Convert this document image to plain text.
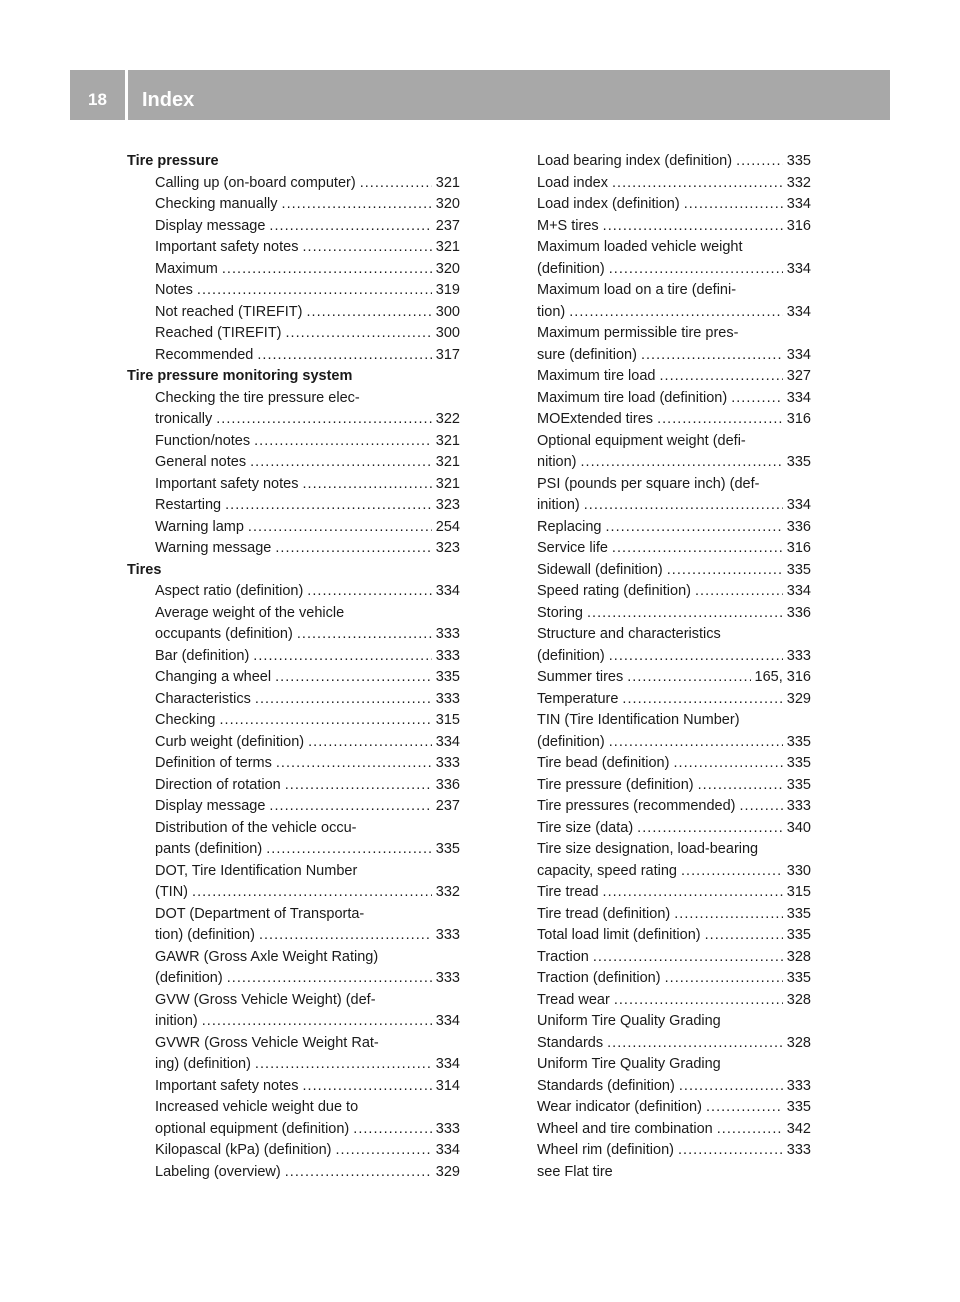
18	Index
Tire pressure
Calling up (on-board computer) . . .	321
Checking manually . . .	320
Display message . . .	237
Important safety notes . . .	321
Maximum . . .	320
Notes . . .	319
Not reached (TIREFIT) . . .	300
Reached (TIREFIT) . . .	300
Recommended . . .	317
Tire pressure monitoring system
Checking the tire pressure elec-
tronically . . .	322
Function/notes . . .	321
General notes . . .	321
Important safety notes . . .	321
Restarting . . .	323
Warning lamp . . .	254
Warning message . . .	323
Tires
Aspect ratio (definition) . . .	334
Average weight of the vehicle
occupants (definition) . . .	333
Bar (definition) . . .	333
Changing a wheel . . .	335
Characteristics . . .	333
Checking . . .	315
Curb weight (definition) . . .	334
Definition of terms . . .	333
Direction of rotation . . .	336
Display message . . .	237
Distribution of the vehicle occu-
pants (definition) . . .	335
DOT, Tire Identification Number
(TIN) . . .	332
DOT (Department of Transporta-
tion) (definition) . . .	333
GAWR (Gross Axle Weight Rating)
(definition) . . .	333
GVW (Gross Vehicle Weight) (def-
inition) . . .	334
GVWR (Gross Vehicle Weight Rat-
ing) (definition) . . .	334
Important safety notes . . .	314
Increased vehicle weight due to
optional equipment (definition) . . .	333
Kilopascal (kPa) (definition) . . .	334
Labeling (overview) . . .	329
Load bearing index (definition) . . .	335
Load index . . .	332
Load index (definition) . . .	334
M+S tires . . .	316
Maximum loaded vehicle weight
(definition) . . .	334
Maximum load on a tire (defini-
tion) . . .	334
Maximum permissible tire pres-
sure (definition) . . .	334
Maximum tire load . . .	327
Maximum tire load (definition) . . .	334
MOExtended tires . . .	316
Optional equipment weight (defi-
nition) . . .	335
PSI (pounds per square inch) (def-
inition) . . .	334
Replacing . . .	336
Service life . . .	316
Sidewall (definition) . . .	335
Speed rating (definition) . . .	334
Storing . . .	336
Structure and characteristics
(definition) . . .	333
Summer tires . . .	165, 316
Temperature . . .	329
TIN (Tire Identification Number)
(definition) . . .	335
Tire bead (definition) . . .	335
Tire pressure (definition) . . .	335
Tire pressures (recommended) . . .	333
Tire size (data) . . .	340
Tire size designation, load-bearing
capacity, speed rating . . .	330
Tire tread . . .	315
Tire tread (definition) . . .	335
Total load limit (definition) . . .	335
Traction . . .	328
Traction (definition) . . .	335
Tread wear . . .	328
Uniform Tire Quality Grading
Standards . . .	328
Uniform Tire Quality Grading
Standards (definition) . . .	333
Wear indicator (definition) . . .	335
Wheel and tire combination . . .	342
Wheel rim (definition) . . .	333
see Flat tire
